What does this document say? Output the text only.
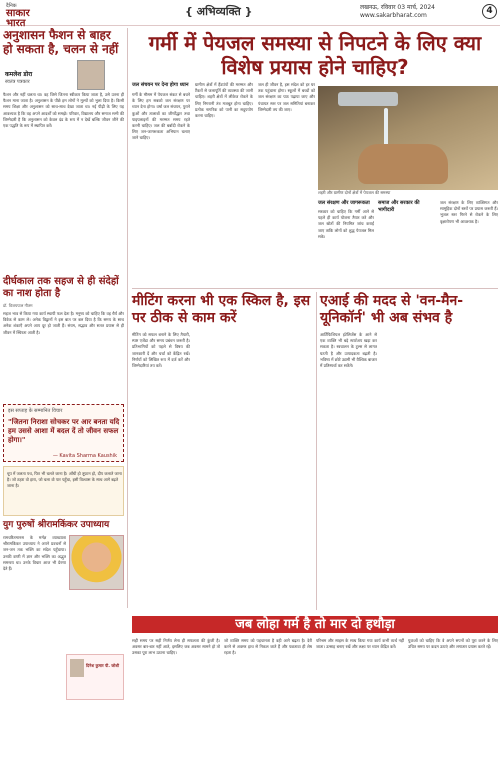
दैनिक
साकार भारत
{ अभिव्यक्ति }	लखनऊ, रविवार 03 मार्च, 2024
www.sakarbharat.com	4
अनुशासन फैशन से बाहर हो सकता है, चलन से नहीं
कमलेश डोरा
स्वतंत्र पत्रकार
फैशन और नहीं चलता था। वह जिसे जितना स्वीकार किया जाता है, उसे उतना ही फैशन माना जाता है। अनुशासन के पीछे हम लोगों ने मूल्यों को भुला दिया है। किसी समय शिक्षा और अनुशासन को साथ-साथ देखा जाता था। नई पीढ़ी के लिए यह आवश्यक है कि वह अपने आदर्शों को समझे। परिवार, विद्यालय और समाज सभी की जिम्मेदारी है कि अनुशासन को केवल दंड के रूप में न देखें बल्कि जीवन जीने की एक पद्धति के रूप में स्थापित करें।
दीर्घकाल तक सहज से ही संदेहों का नाश होता है
डॉ. विजयपाल गौतम
सहज भाव से किया गया कार्य स्थायी फल देता है। मनुष्य को चाहिए कि वह धैर्य और विवेक से काम ले। अनेक विद्वानों ने इस बात पर बल दिया है कि समय के साथ अनेक शंकाएँ अपने आप दूर हो जाती हैं। संयम, सद्भाव और सतत प्रयास से ही जीवन में स्थिरता आती है।
इस सप्ताह के सम्मानित विचार
"जितना निराशा सोचकर पर आर बनता यदि हम उससे आशा में बदल दें तो जीवन सफल होगा।"
— Kavita Sharma Kaushik
धूप में जलता पथ, फिर भी चलते जाना है। आँधी हो तूफ़ान हो, दीप जलाते जाना है। जो ठहरा वो हारा, जो चला वो पार पहुँचा, इसी विश्वास के साथ आगे बढ़ते जाना है।
युग पुरुषों श्रीरामकिंकर उपाध्याय
रामचरितमानस के मर्मज्ञ व्याख्याता श्रीरामकिंकर उपाध्याय ने अपने प्रवचनों से जन-जन तक भक्ति का संदेश पहुँचाया। उनकी वाणी में ज्ञान और भक्ति का अद्भुत समन्वय था। उनके विचार आज भी प्रेरणा देते हैं।
दिनेश कुमार पी. जोशी
गर्मी में पेयजल समस्या से निपटने के लिए क्या विशेष प्रयास होने चाहिए?
जल संचयन पर देना होगा ध्यान
गर्मी के मौसम में पेयजल संकट से बचने के लिए हम सबको जल संरक्षण पर ध्यान देना होगा। वर्षा जल संचयन, पुराने कुओं और तालाबों का जीर्णोद्धार तथा पाइपलाइनों की मरम्मत समय रहते करनी चाहिए। जल की बर्बादी रोकने के लिए जन-जागरूकता अभियान चलाए जाने चाहिए।
ग्रामीण क्षेत्रों में हैंडपंपों की मरम्मत और टैंकरों से जलापूर्ति की व्यवस्था की जानी चाहिए। शहरी क्षेत्रों में लीकेज रोकने के लिए निगरानी तंत्र मजबूत होना चाहिए। प्रत्येक नागरिक को पानी का सदुपयोग करना चाहिए।
जल ही जीवन है, इस संदेश को हर घर तक पहुंचाना होगा। स्कूलों में बच्चों को जल संरक्षण का पाठ पढ़ाया जाए और पंचायत स्तर पर जल समितियां बनाकर जिम्मेदारी तय की जाए।
शहरी और ग्रामीण दोनों क्षेत्रों में पेयजल की समस्या
जल संरक्षण और जागरूकता
सरकार को चाहिए कि गर्मी आने से पहले ही कार्य योजना तैयार करे और जल स्रोतों की नियमित जांच कराई जाए ताकि लोगों को शुद्ध पेयजल मिल सके।
समाज और सरकार की भागीदारी
जल संरक्षण के लिए व्यक्तिगत और सामूहिक दोनों स्तरों पर प्रयास जरूरी हैं। भूजल स्तर गिरने से रोकने के लिए वृक्षारोपण भी आवश्यक है।
मीटिंग करना भी एक स्किल है, इस पर ठीक से काम करें
मीटिंग को सफल बनाने के लिए तैयारी, स्पष्ट एजेंडा और समय प्रबंधन जरूरी है। प्रतिभागियों को पहले से विषय की जानकारी दें और चर्चा को केंद्रित रखें। निर्णयों को लिखित रूप में दर्ज करें और जिम्मेदारियां तय करें।
एआई की मदद से 'वन-मैन-यूनिकॉर्न' भी अब संभव है
आर्टिफिशियल इंटेलिजेंस के आने से एक व्यक्ति भी बड़े स्टार्टअप खड़ा कर सकता है। स्वचालन के टूल्स से लागत घटती है और उत्पादकता बढ़ती है। भविष्य में छोटे उद्यमी भी वैश्विक बाजार में प्रतिस्पर्धा कर सकेंगे।
जब लोहा गर्म है तो मार दो हथौड़ा
सही समय पर सही निर्णय लेना ही सफलता की कुंजी है। अवसर बार-बार नहीं आते, इसलिए जब अवसर सामने हो तो उसका पूरा लाभ उठाना चाहिए।
जो व्यक्ति समय को पहचानता है वही आगे बढ़ता है। देरी करने से अवसर हाथ से निकल जाते हैं और पछतावा ही शेष रहता है।
परिश्रम और साहस के साथ किया गया कार्य कभी व्यर्थ नहीं जाता। उत्साह बनाए रखें और लक्ष्य पर ध्यान केंद्रित करें।
युवाओं को चाहिए कि वे अपने सपनों को पूरा करने के लिए उचित समय पर कदम उठाएं और लगातार प्रयास करते रहें।
